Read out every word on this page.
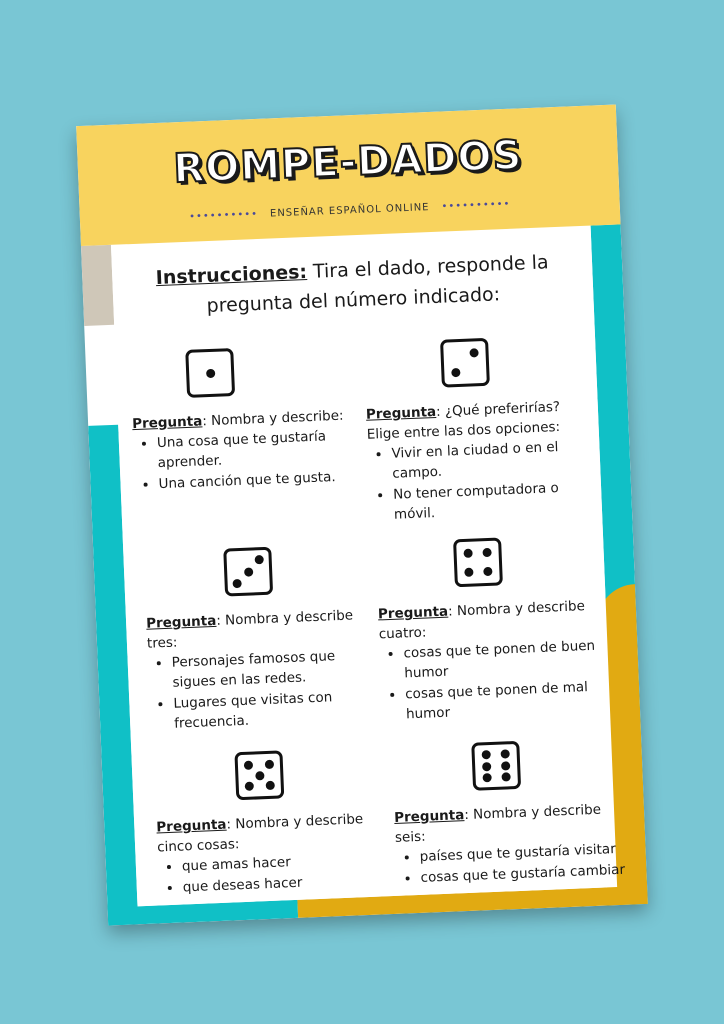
ROMPE-DADOS
•••••••••• ENSEÑAR ESPAÑOL ONLINE ••••••••••
Instrucciones: Tira el dado, responde la pregunta del número indicado:
Pregunta: Nombra y describe:
• Una cosa que te gustaría aprender.
• Una canción que te gusta.
Pregunta: ¿Qué preferirías? Elige entre las dos opciones:
• Vivir en la ciudad o en el campo.
• No tener computadora o móvil.
Pregunta: Nombra y describe tres:
• Personajes famosos que sigues en las redes.
• Lugares que visitas con frecuencia.
Pregunta: Nombra y describe cuatro:
• cosas que te ponen de buen humor
• cosas que te ponen de mal humor
Pregunta: Nombra y describe cinco cosas:
• que amas hacer
• que deseas hacer
Pregunta: Nombra y describe seis:
• países que te gustaría visitar
• cosas que te gustaría cambiar
